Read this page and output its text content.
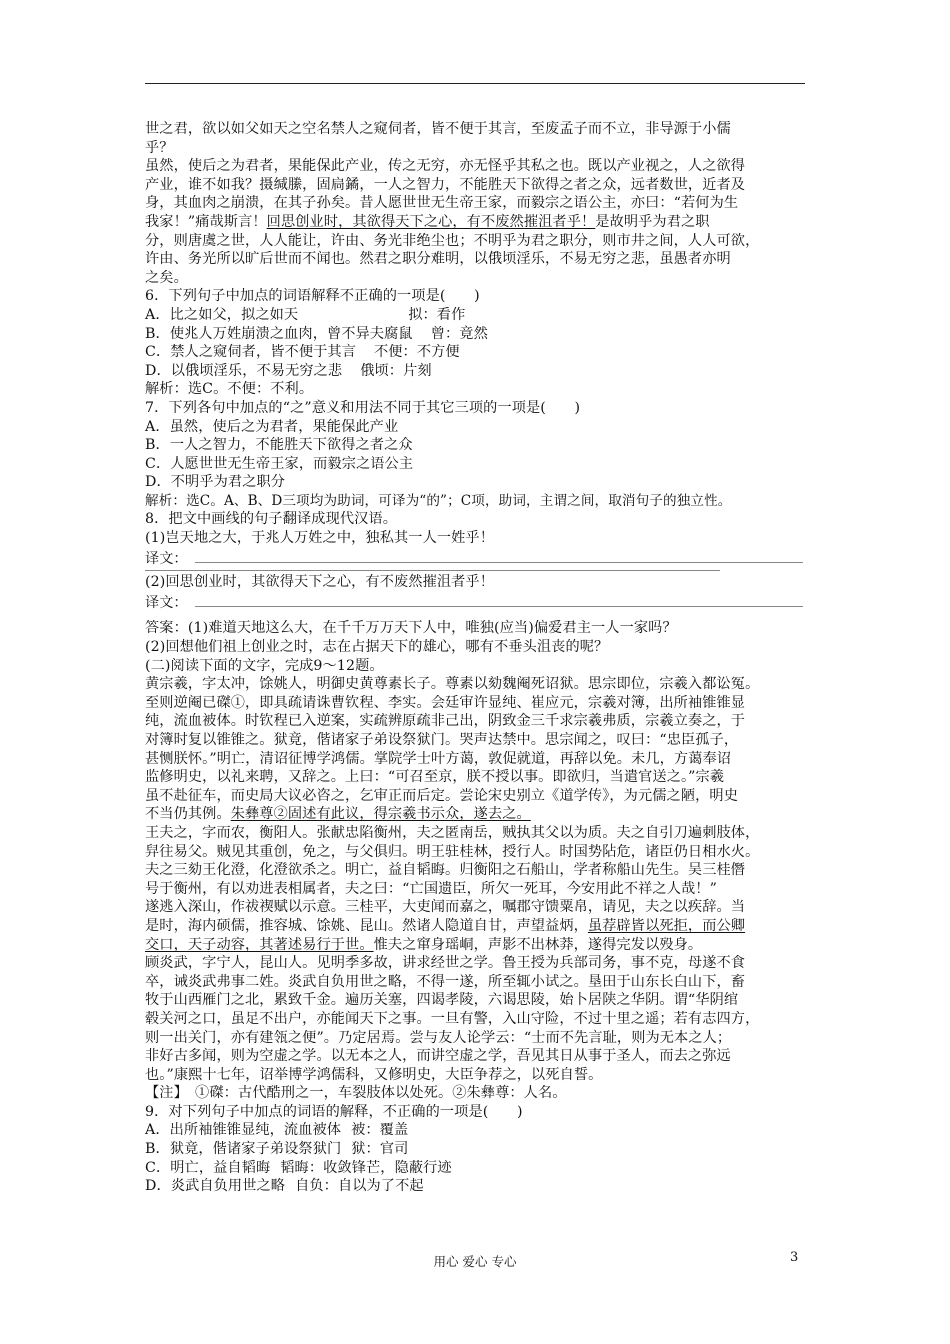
世之君，欲以如父如天之空名禁人之窥伺者，皆不便于其言，至废孟子而不立，非导源于小儒
乎？
虽然，使后之为君者，果能保此产业，传之无穷，亦无怪乎其私之也。既以产业视之，人之欲得
产业，谁不如我？摄缄縢，固扃鐍，一人之智力，不能胜天下欲得之者之众，远者数世，近者及
身，其血肉之崩溃，在其子孙矣。昔人愿世世无生帝王家，而毅宗之语公主，亦曰：“若何为生
我家！”痛哉斯言！回思创业时，其欲得天下之心，有不废然摧沮者乎！是故明乎为君之职
分，则唐虞之世，人人能让，许由、务光非绝尘也；不明乎为君之职分，则市井之间，人人可欲，
许由、务光所以旷后世而不闻也。然君之职分难明，以俄顷淫乐，不易无穷之悲，虽愚者亦明
之矣。
6．下列句子中加点的词语解释不正确的一项是(　　)
A．比之如父，拟之如天	拟：看作
B．使兆人万姓崩溃之血肉，曾不异夫腐鼠 曾：竟然
C．禁人之窥伺者，皆不便于其言 不便：不方便
D．以俄顷淫乐，不易无穷之悲 俄顷：片刻
解析：选C。不便：不利。
7．下列各句中加点的“之”意义和用法不同于其它三项的一项是(　　)
A．虽然，使后之为君者，果能保此产业
B．一人之智力，不能胜天下欲得之者之众
C．人愿世世无生帝王家，而毅宗之语公主
D．不明乎为君之职分
解析：选C。A、B、D三项均为助词，可译为“的”；C项，助词，主谓之间，取消句子的独立性。
8．把文中画线的句子翻译成现代汉语。
(1)岂天地之大，于兆人万姓之中，独私其一人一姓乎！
译文：
(2)回思创业时，其欲得天下之心，有不废然摧沮者乎！
译文：
答案：(1)难道天地这么大，在千千万万天下人中，唯独(应当)偏爱君主一人一家吗？
(2)回想他们祖上创业之时，志在占据天下的雄心，哪有不垂头沮丧的呢？
(二)阅读下面的文字，完成9～12题。
黄宗羲，字太冲，馀姚人，明御史黄尊素长子。尊素以劾魏阉死诏狱。思宗即位，宗羲入都讼冤。
至则逆阉已磔①，即具疏请诛曹钦程、李实。会廷审许显纯、崔应元，宗羲对簿，出所袖锥锥显
纯，流血被体。时钦程已入逆案，实疏辨原疏非己出，阴致金三千求宗羲弗质，宗羲立奏之，于
对簿时复以锥锥之。狱竟，偕诸家子弟设祭狱门。哭声达禁中。思宗闻之，叹曰：“忠臣孤子，
甚恻朕怀。”明亡，清诏征博学鸿儒。掌院学士叶方蔼，敦促就道，再辞以免。未几，方蔼奉诏
监修明史，以礼来聘，又辞之。上曰：“可召至京，朕不授以事。即欲归，当遣官送之。”宗羲
虽不赴征车，而史局大议必咨之，乞审正而后定。尝论宋史别立《道学传》，为元儒之陋，明史
不当仍其例。朱彝尊②固述有此议，得宗羲书示众，遂去之。
王夫之，字而农，衡阳人。张献忠陷衡州，夫之匿南岳，贼执其父以为质。夫之自引刀遍刺肢体，
舁往易父。贼见其重创，免之，与父俱归。明王驻桂林，授行人。时国势阽危，诸臣仍日相水火。
夫之三劾王化澄，化澄欲杀之。明亡，益自韬晦。归衡阳之石船山，学者称船山先生。吴三桂僭
号于衡州，有以劝进表相属者，夫之曰：“亡国遗臣，所欠一死耳，今安用此不祥之人哉！”
遂逃入深山，作祓禊赋以示意。三桂平，大吏闻而嘉之，嘱郡守馈粟帛，请见，夫之以疾辞。当
是时，海内硕儒，推容城、馀姚、昆山。然诸人隐道自甘，声望益炳，虽荐辟皆以死拒，而公卿
交口，天子动容，其著述易行于世。惟夫之窜身瑶峒，声影不出林莽，遂得完发以殁身。
顾炎武，字宁人，昆山人。见明季多故，讲求经世之学。鲁王授为兵部司务，事不克，母遂不食
卒，诫炎武弗事二姓。炎武自负用世之略，不得一遂，所至辄小试之。垦田于山东长白山下，畜
牧于山西雁门之北，累致千金。遍历关塞，四谒孝陵，六谒思陵，始卜居陕之华阴。谓“华阴绾
毂关河之口，虽足不出户，亦能闻天下之事。一旦有警，入山守险，不过十里之遥；若有志四方，
则一出关门，亦有建瓴之便”。乃定居焉。尝与友人论学云：“士而不先言耻，则为无本之人；
非好古多闻，则为空虚之学。以无本之人，而讲空虚之学，吾见其日从事于圣人，而去之弥远
也。”康熙十七年，诏举博学鸿儒科，又修明史，大臣争荐之，以死自誓。
【注】　①磔：古代酷刑之一，车裂肢体以处死。②朱彝尊：人名。
9．对下列句子中加点的词语的解释，不正确的一项是(　　)
A．出所袖锥锥显纯，流血被体 被：覆盖
B．狱竟，偕诸家子弟设祭狱门 狱：官司
C．明亡，益自韬晦 韬晦：收敛锋芒，隐蔽行迹
D．炎武自负用世之略 自负：自以为了不起
用心 爱心 专心	3
